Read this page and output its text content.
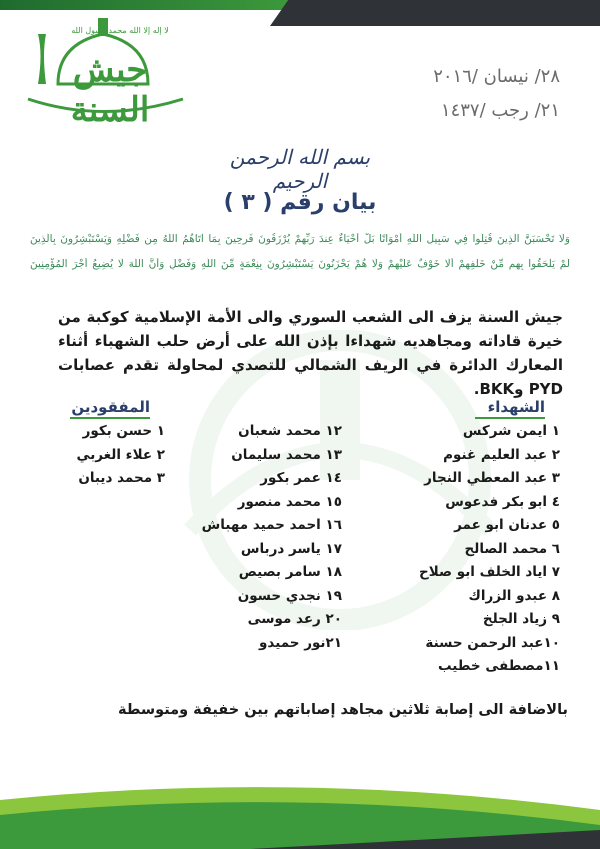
لا إله إلا الله محمد رسول الله
جيش السنة
٢٨/ نيسان /٢٠١٦
٢١/ رجب /١٤٣٧
بسم الله الرحمن الرحيم
بيان رقم ( ٣ )
وَلَا تَحْسَبَنَّ الَّذِينَ قُتِلُوا فِي سَبِيلِ اللَّهِ أَمْوَاتًا بَلْ أَحْيَاءٌ عِندَ رَبِّهِمْ يُرْزَقُونَ فَرِحِينَ بِمَا آتَاهُمُ اللَّهُ مِن فَضْلِهِ وَيَسْتَبْشِرُونَ بِالَّذِينَ
لَمْ يَلْحَقُوا بِهِم مِّنْ خَلْفِهِمْ أَلَّا خَوْفٌ عَلَيْهِمْ وَلَا هُمْ يَحْزَنُونَ يَسْتَبْشِرُونَ بِنِعْمَةٍ مِّنَ اللَّهِ وَفَضْلٍ وَأَنَّ اللَّهَ لَا يُضِيعُ أَجْرَ الْمُؤْمِنِينَ
جيش السنة يزف الى الشعب السوري والى الأمة الإسلامية كوكبة من خيرة قاداته ومجاهديه شهداءا بإذن الله على أرض حلب الشهباء أثناء المعارك الدائرة في الريف الشمالي للتصدي لمحاولة تقدم عصابات PYD وBKK.
الشهداء
المفقودين
١ ايمن شركس
٢ عبد العليم غنوم
٣ عبد المعطي النجار
٤ ابو بكر فدعوس
٥ عدنان ابو عمر
٦ محمد الصالح
٧ اياد الخلف ابو صلاح
٨ عبدو الزراك
٩ زياد الجلخ
١٠عبد الرحمن حسنة
١١مصطفى خطيب
١٢ محمد شعبان
١٣ محمد سليمان
١٤ عمر بكور
١٥ محمد منصور
١٦ احمد حميد مهباش
١٧ ياسر درباس
١٨ سامر بصيص
١٩ نجدي حسون
٢٠ رعد موسى
٢١نور حميدو
١ حسن بكور
٢ علاء الغربي
٣ محمد ديبان
بالاضافة الى إصابة ثلاثين مجاهد إصاباتهم بين خفيفة ومتوسطة
